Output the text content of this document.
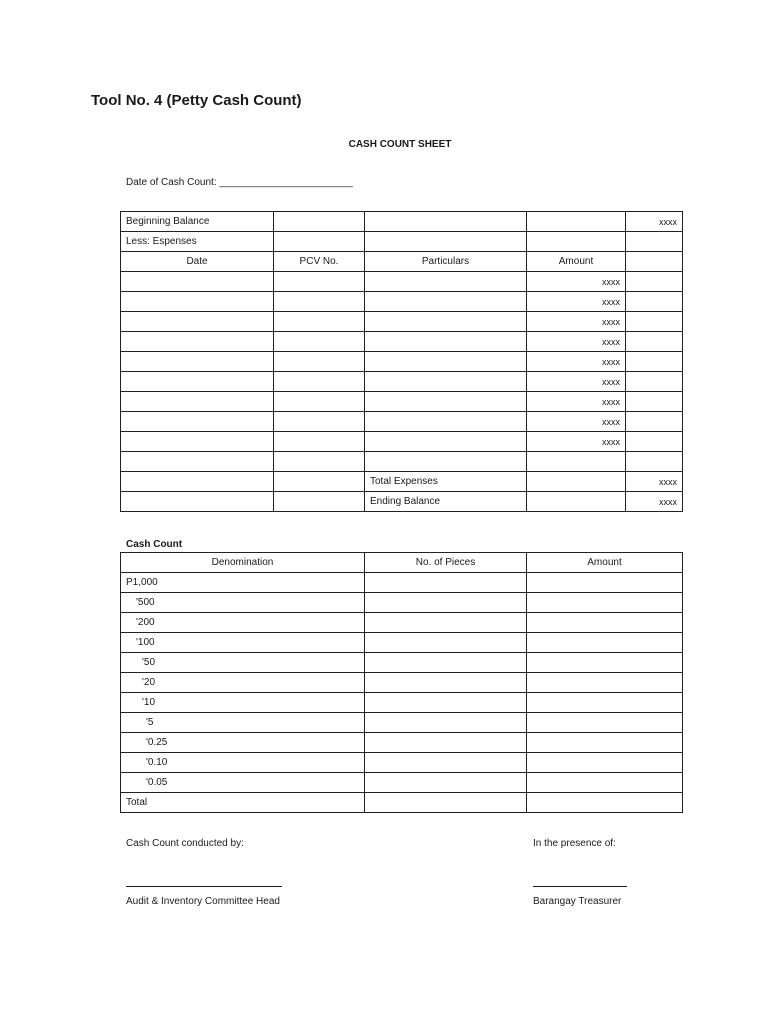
Tool No. 4 (Petty Cash Count)
CASH COUNT SHEET
Date of Cash Count: ________________________
Beginning Balance				xxxx
Less: Espenses				
Date	PCV No.	Particulars	Amount	
			xxxx	
			xxxx	
			xxxx	
			xxxx	
			xxxx	
			xxxx	
			xxxx	
			xxxx	
			xxxx	

		Total Expenses		xxxx
		Ending Balance		xxxx
Cash Count
Denomination	No. of Pieces	Amount
P1,000		
'500		
'200		
'100		
'50		
'20		
'10		
'5		
'0.25		
'0.10		
'0.05		
Total		
Cash Count conducted by:	In the presence of:
Audit & Inventory Committee Head	Barangay Treasurer
